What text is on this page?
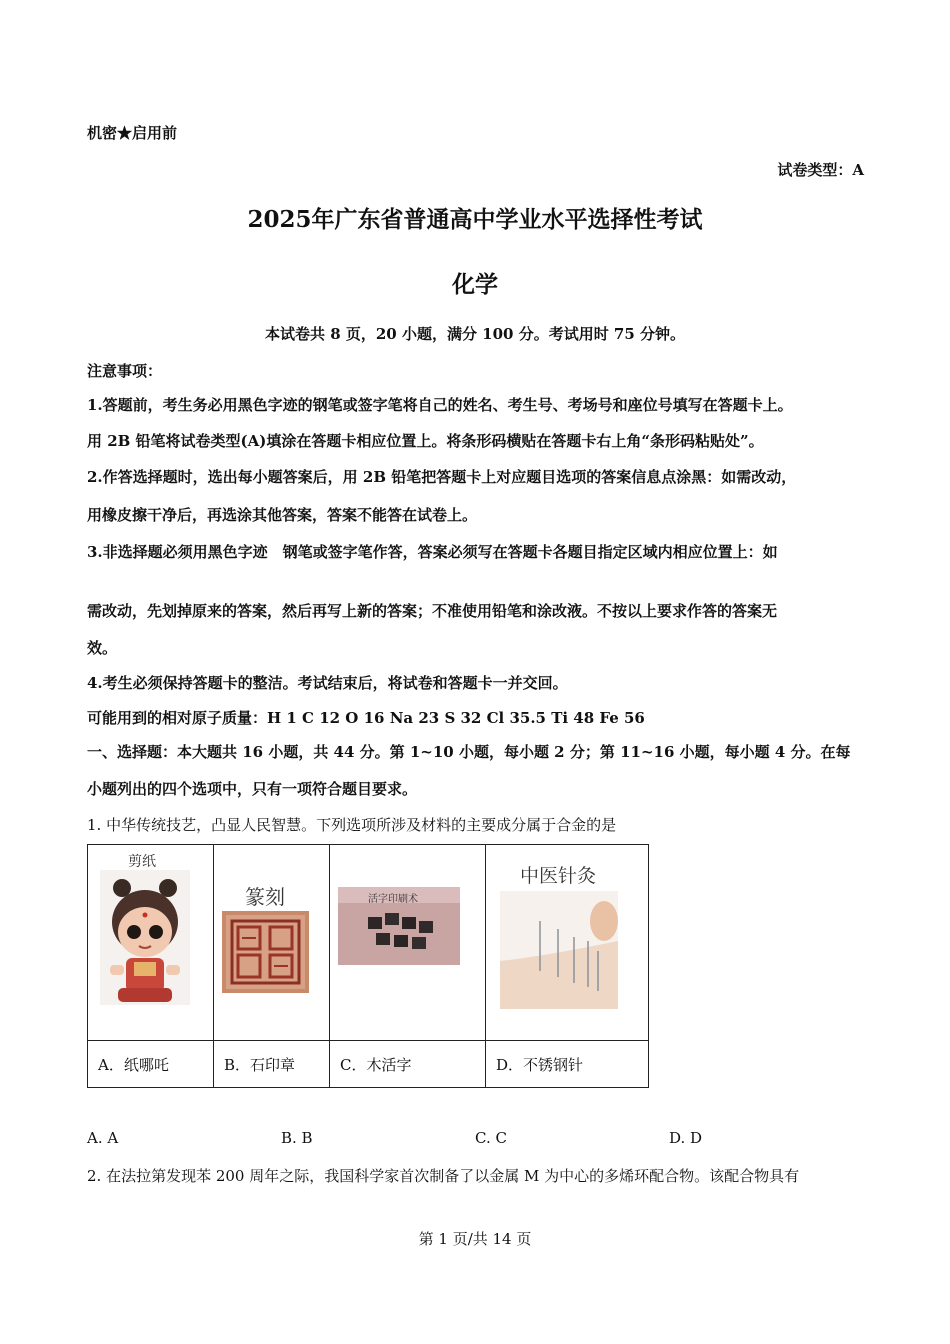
机密★启用前
试卷类型：A
2025年广东省普通高中学业水平选择性考试
化学
本试卷共 8 页，20 小题，满分 100 分。考试用时 75 分钟。
注意事项：
1.答题前，考生务必用黑色字迹的钢笔或签字笔将自己的姓名、考生号、考场号和座位号填写在答题卡上。
用 2B 铅笔将试卷类型(A)填涂在答题卡相应位置上。将条形码横贴在答题卡右上角“条形码粘贴处”。
2.作答选择题时，选出每小题答案后，用 2B 铅笔把答题卡上对应题目选项的答案信息点涂黑：如需改动，
用橡皮擦干净后，再选涂其他答案，答案不能答在试卷上。
3.非选择题必须用黑色字迹　钢笔或签字笔作答，答案必须写在答题卡各题目指定区域内相应位置上：如
需改动，先划掉原来的答案，然后再写上新的答案；不准使用铅笔和涂改液。不按以上要求作答的答案无
效。
4.考生必须保持答题卡的整洁。考试结束后，将试卷和答题卡一并交回。
可能用到的相对原子质量：H 1 C 12 O 16 Na 23 S 32 Cl 35.5 Ti 48 Fe 56
一、选择题：本大题共 16 小题，共 44 分。第 1~10 小题，每小题 2 分；第 11~16 小题，每小题 4 分。在每
小题列出的四个选项中，只有一项符合题目要求。
1. 中华传统技艺，凸显人民智慧。下列选项所涉及材料的主要成分属于合金的是
剪纸	篆刻	活字印刷术	中医针灸

A．纸哪吒	B．石印章	C．木活字	D．不锈钢针
A. A	B. B	C. C	D. D
2. 在法拉第发现苯 200 周年之际，我国科学家首次制备了以金属 M 为中心的多烯环配合物。该配合物具有
第 1 页/共 14 页
